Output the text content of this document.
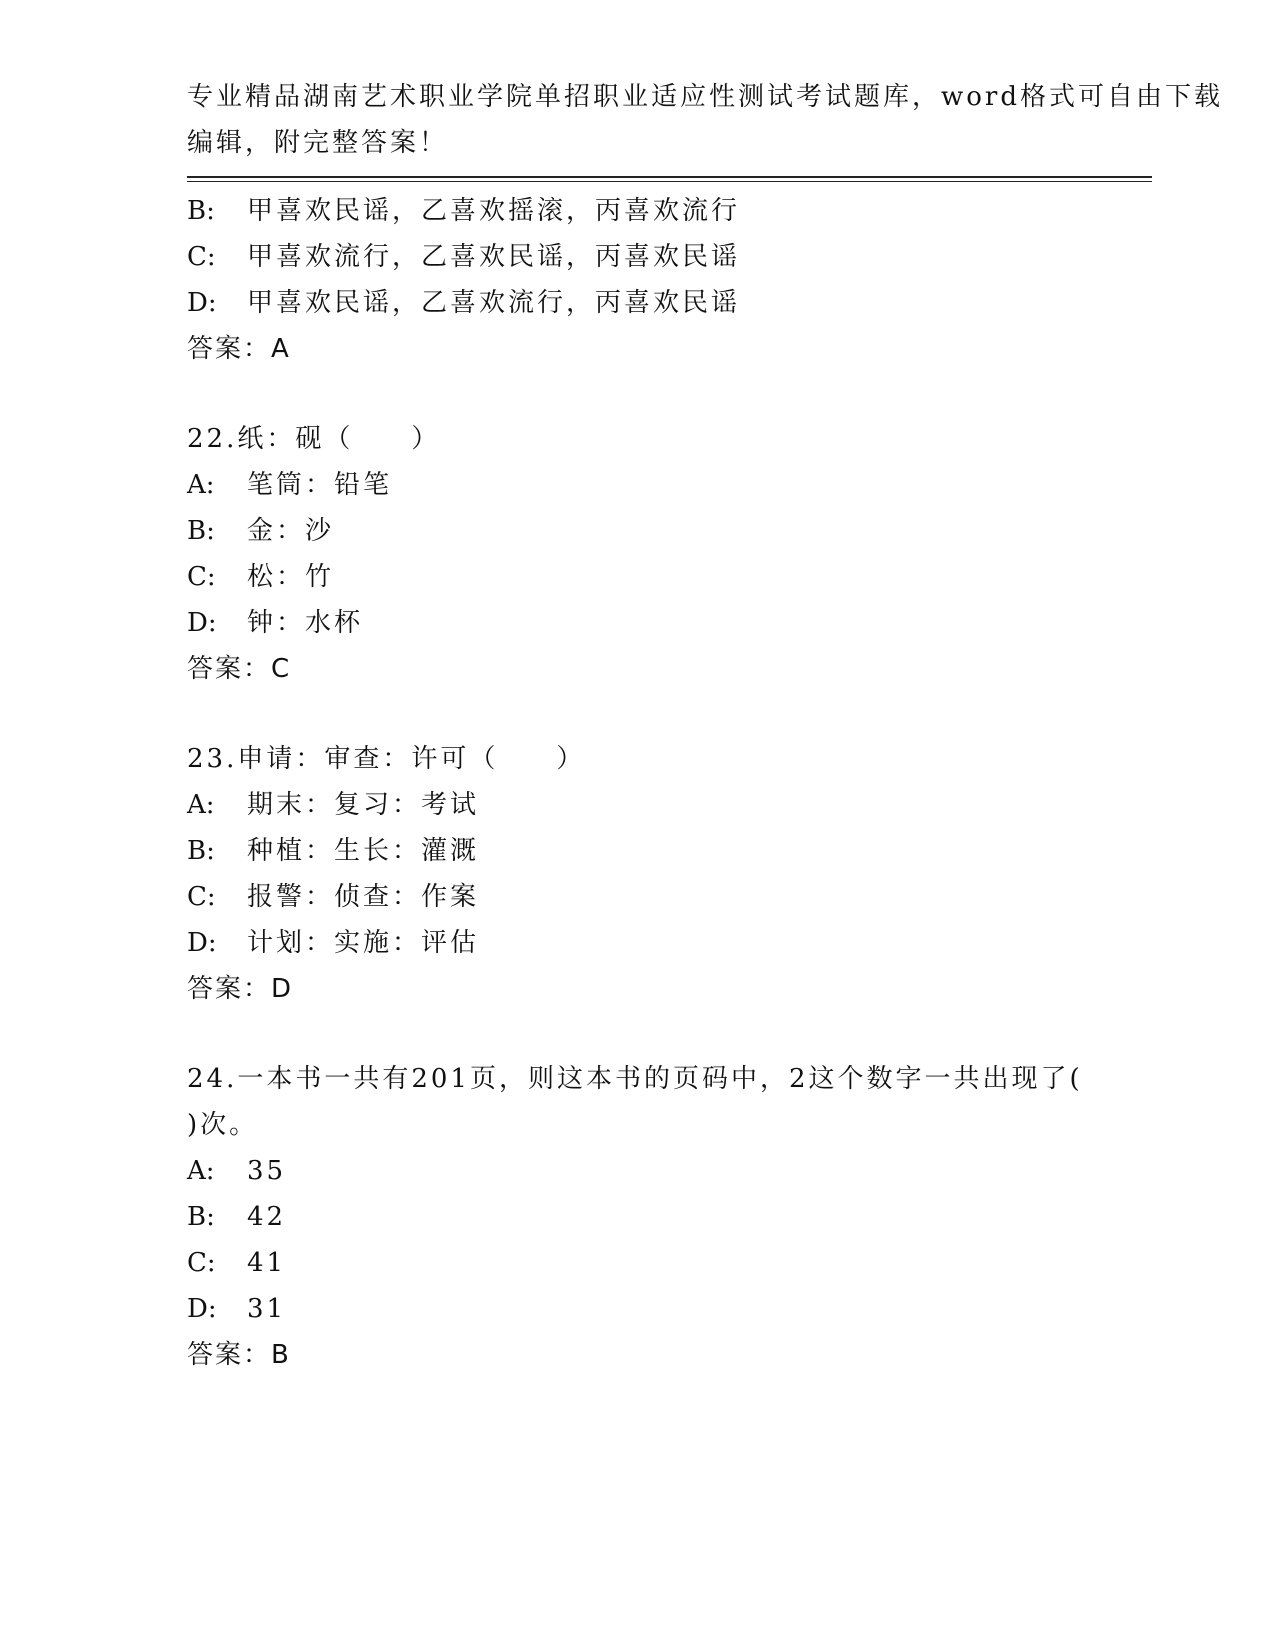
专业精品湖南艺术职业学院单招职业适应性测试考试题库，word格式可自由下载
编辑，附完整答案！
B: 甲喜欢民谣，乙喜欢摇滚，丙喜欢流行
C: 甲喜欢流行，乙喜欢民谣，丙喜欢民谣
D: 甲喜欢民谣，乙喜欢流行，丙喜欢民谣
答案：A
22.纸：砚（　　）
A: 笔筒：铅笔
B: 金：沙
C: 松：竹
D: 钟：水杯
答案：C
23.申请：审查：许可（　　）
A: 期末：复习：考试
B: 种植：生长：灌溉
C: 报警：侦查：作案
D: 计划：实施：评估
答案：D
24.一本书一共有201页，则这本书的页码中，2这个数字一共出现了(
)次。
A: 35
B: 42
C: 41
D: 31
答案：B
